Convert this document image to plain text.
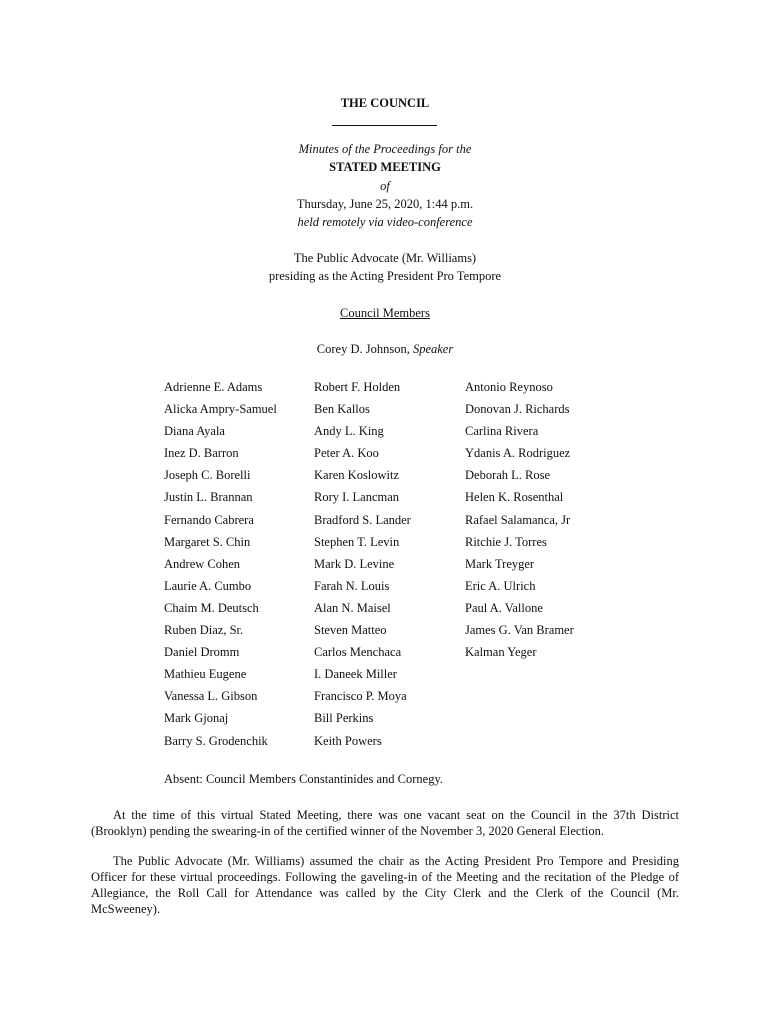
THE COUNCIL
Minutes of the Proceedings for the
STATED MEETING
of
Thursday, June 25, 2020, 1:44 p.m.
held remotely via video-conference
The Public Advocate (Mr. Williams)
presiding as the Acting President Pro Tempore
Council Members
Corey D. Johnson, Speaker
Adrienne E. Adams
Alicka Ampry-Samuel
Diana Ayala
Inez D. Barron
Joseph C. Borelli
Justin L. Brannan
Fernando Cabrera
Margaret S. Chin
Andrew Cohen
Laurie A. Cumbo
Chaim M. Deutsch
Ruben Diaz, Sr.
Daniel Dromm
Mathieu Eugene
Vanessa L. Gibson
Mark Gjonaj
Barry S. Grodenchik
Robert F. Holden
Ben Kallos
Andy L. King
Peter A. Koo
Karen Koslowitz
Rory I. Lancman
Bradford S. Lander
Stephen T. Levin
Mark D. Levine
Farah N. Louis
Alan N. Maisel
Steven Matteo
Carlos Menchaca
I. Daneek Miller
Francisco P. Moya
Bill Perkins
Keith Powers
Antonio Reynoso
Donovan J. Richards
Carlina Rivera
Ydanis A. Rodriguez
Deborah L. Rose
Helen K. Rosenthal
Rafael Salamanca, Jr
Ritchie J. Torres
Mark Treyger
Eric A. Ulrich
Paul A. Vallone
James G. Van Bramer
Kalman Yeger
Absent: Council Members Constantinides and Cornegy.
At the time of this virtual Stated Meeting, there was one vacant seat on the Council in the 37th District (Brooklyn) pending the swearing-in of the certified winner of the November 3, 2020 General Election.
The Public Advocate (Mr. Williams) assumed the chair as the Acting President Pro Tempore and Presiding Officer for these virtual proceedings. Following the gaveling-in of the Meeting and the recitation of the Pledge of Allegiance, the Roll Call for Attendance was called by the City Clerk and the Clerk of the Council (Mr. McSweeney).
